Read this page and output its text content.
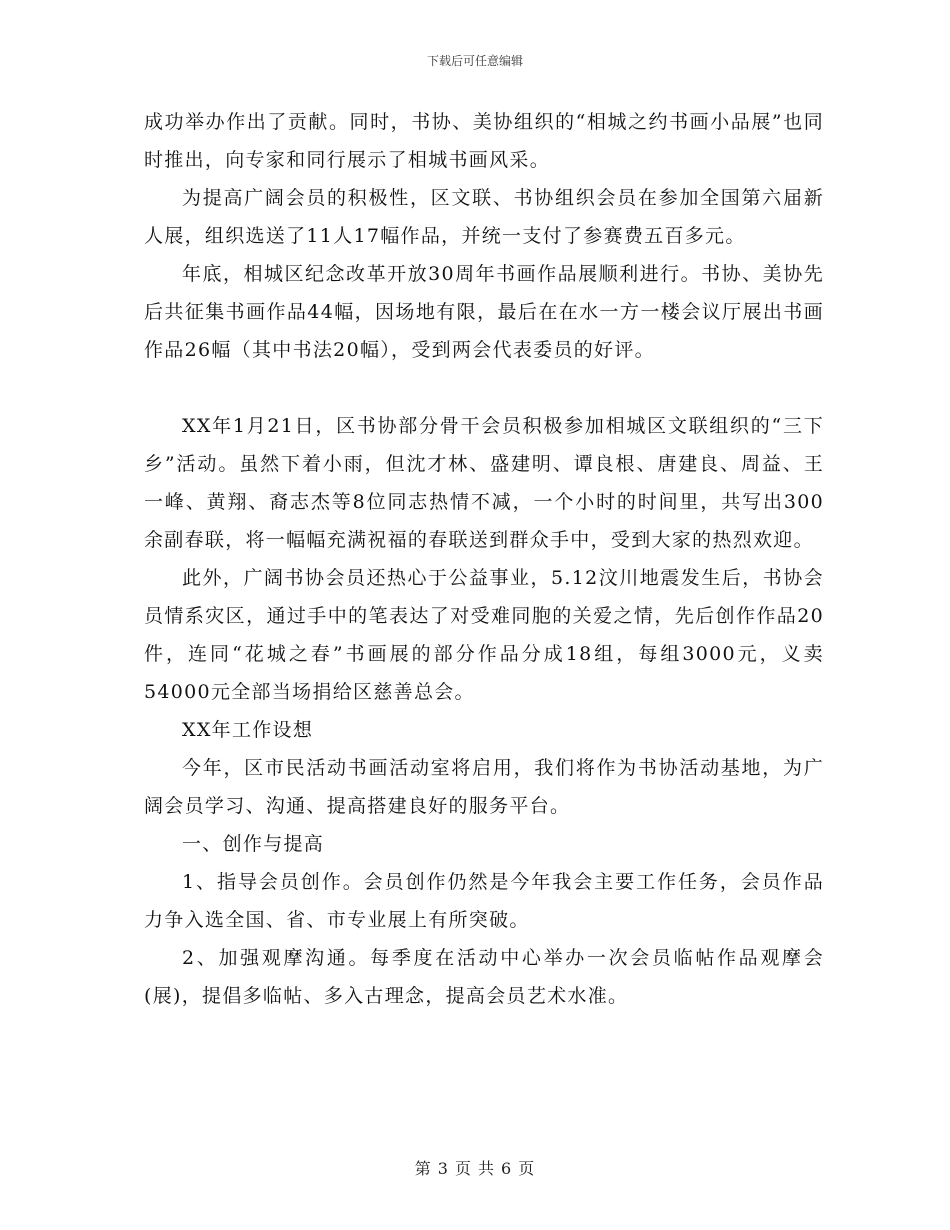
下载后可任意编辑

成功举办作出了贡献。同时，书协、美协组织的“相城之约书画小品展”也同时推出，向专家和同行展示了相城书画风采。

为提高广阔会员的积极性，区文联、书协组织会员在参加全国第六届新人展，组织选送了11人17幅作品，并统一支付了参赛费五百多元。

年底，相城区纪念改革开放30周年书画作品展顺利进行。书协、美协先后共征集书画作品44幅，因场地有限，最后在在水一方一楼会议厅展出书画作品26幅（其中书法20幅），受到两会代表委员的好评。

XX年1月21日，区书协部分骨干会员积极参加相城区文联组织的“三下乡”活动。虽然下着小雨，但沈才林、盛建明、谭良根、唐建良、周益、王一峰、黄翔、裔志杰等8位同志热情不减，一个小时的时间里，共写出300余副春联，将一幅幅充满祝福的春联送到群众手中，受到大家的热烈欢迎。

此外，广阔书协会员还热心于公益事业，5.12汶川地震发生后，书协会员情系灾区，通过手中的笔表达了对受难同胞的关爱之情，先后创作作品20件，连同“花城之春”书画展的部分作品分成18组，每组3000元，义卖54000元全部当场捐给区慈善总会。

XX年工作设想

今年，区市民活动书画活动室将启用，我们将作为书协活动基地，为广阔会员学习、沟通、提高搭建良好的服务平台。

一、创作与提高

1、指导会员创作。会员创作仍然是今年我会主要工作任务，会员作品力争入选全国、省、市专业展上有所突破。

2、加强观摩沟通。每季度在活动中心举办一次会员临帖作品观摩会(展)，提倡多临帖、多入古理念，提高会员艺术水准。

第 3 页 共 6 页
